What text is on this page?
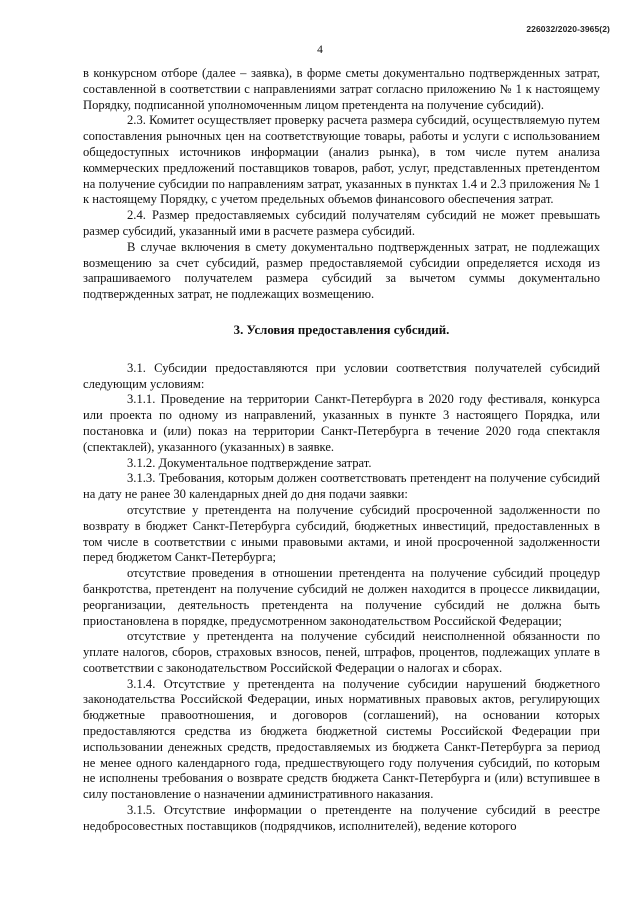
226032/2020-3965(2)
4

в конкурсном отборе (далее – заявка), в форме сметы документально подтвержденных затрат, составленной в соответствии с направлениями затрат согласно приложению № 1 к настоящему Порядку, подписанной уполномоченным лицом претендента на получение субсидий).

2.3. Комитет осуществляет проверку расчета размера субсидий, осуществляемую путем сопоставления рыночных цен на соответствующие товары, работы и услуги с использованием общедоступных источников информации (анализ рынка), в том числе путем анализа коммерческих предложений поставщиков товаров, работ, услуг, представленных претендентом на получение субсидии по направлениям затрат, указанных в пунктах 1.4 и 2.3 приложения № 1 к настоящему Порядку, с учетом предельных объемов финансового обеспечения затрат.

2.4. Размер предоставляемых субсидий получателям субсидий не может превышать размер субсидий, указанный ими в расчете размера субсидий.

В случае включения в смету документально подтвержденных затрат, не подлежащих возмещению за счет субсидий, размер предоставляемой субсидии определяется исходя из запрашиваемого получателем размера субсидий за вычетом суммы документально подтвержденных затрат, не подлежащих возмещению.

3. Условия предоставления субсидий.

3.1. Субсидии предоставляются при условии соответствия получателей субсидий следующим условиям:

3.1.1. Проведение на территории Санкт-Петербурга в 2020 году фестиваля, конкурса или проекта по одному из направлений, указанных в пункте 3 настоящего Порядка, или постановка и (или) показ на территории Санкт-Петербурга в течение 2020 года спектакля (спектаклей), указанного (указанных) в заявке.

3.1.2. Документальное подтверждение затрат.

3.1.3. Требования, которым должен соответствовать претендент на получение субсидий на дату не ранее 30 календарных дней до дня подачи заявки:

отсутствие у претендента на получение субсидий просроченной задолженности по возврату в бюджет Санкт-Петербурга субсидий, бюджетных инвестиций, предоставленных в том числе в соответствии с иными правовыми актами, и иной просроченной задолженности перед бюджетом Санкт-Петербурга;

отсутствие проведения в отношении претендента на получение субсидий процедур банкротства, претендент на получение субсидий не должен находится в процессе ликвидации, реорганизации, деятельность претендента на получение субсидий не должна быть приостановлена в порядке, предусмотренном законодательством Российской Федерации;

отсутствие у претендента на получение субсидий неисполненной обязанности по уплате налогов, сборов, страховых взносов, пеней, штрафов, процентов, подлежащих уплате в соответствии с законодательством Российской Федерации о налогах и сборах.

3.1.4. Отсутствие у претендента на получение субсидии нарушений бюджетного законодательства Российской Федерации, иных нормативных правовых актов, регулирующих бюджетные правоотношения, и договоров (соглашений), на основании которых предоставляются средства из бюджета бюджетной системы Российской Федерации при использовании денежных средств, предоставляемых из бюджета Санкт-Петербурга за период не менее одного календарного года, предшествующего году получения субсидий, по которым не исполнены требования о возврате средств бюджета Санкт-Петербурга и (или) вступившее в силу постановление о назначении административного наказания.

3.1.5. Отсутствие информации о претенденте на получение субсидий в реестре недобросовестных поставщиков (подрядчиков, исполнителей), ведение которого
